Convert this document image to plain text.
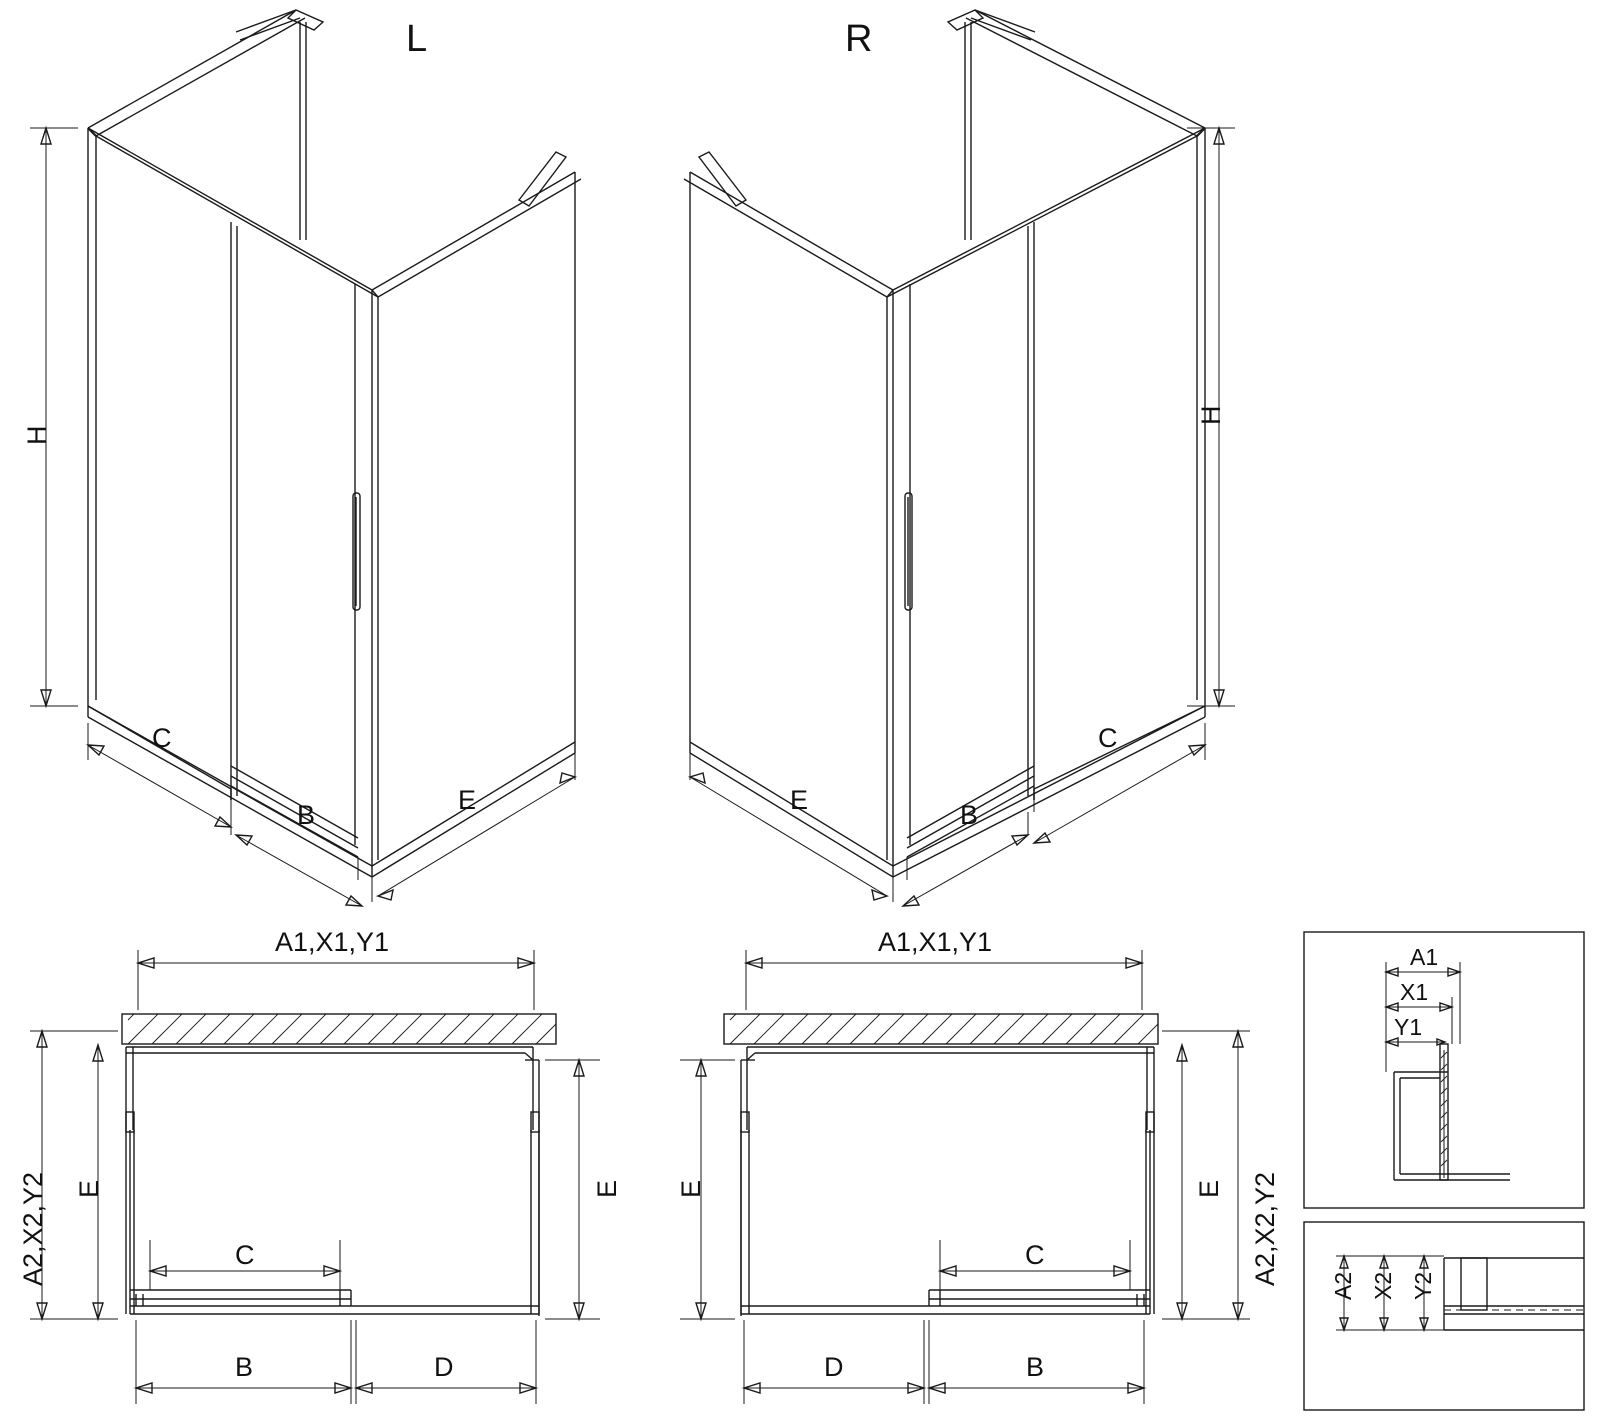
L	R
H
H
C
B	E
C
B
E
A1,X1,Y1	A1,X1,Y1
A2,X2,Y2	A2,X2,Y2
E	E E	E
C	C
B	D	D	B
A1
X1
Y1
A2 X2 Y2
